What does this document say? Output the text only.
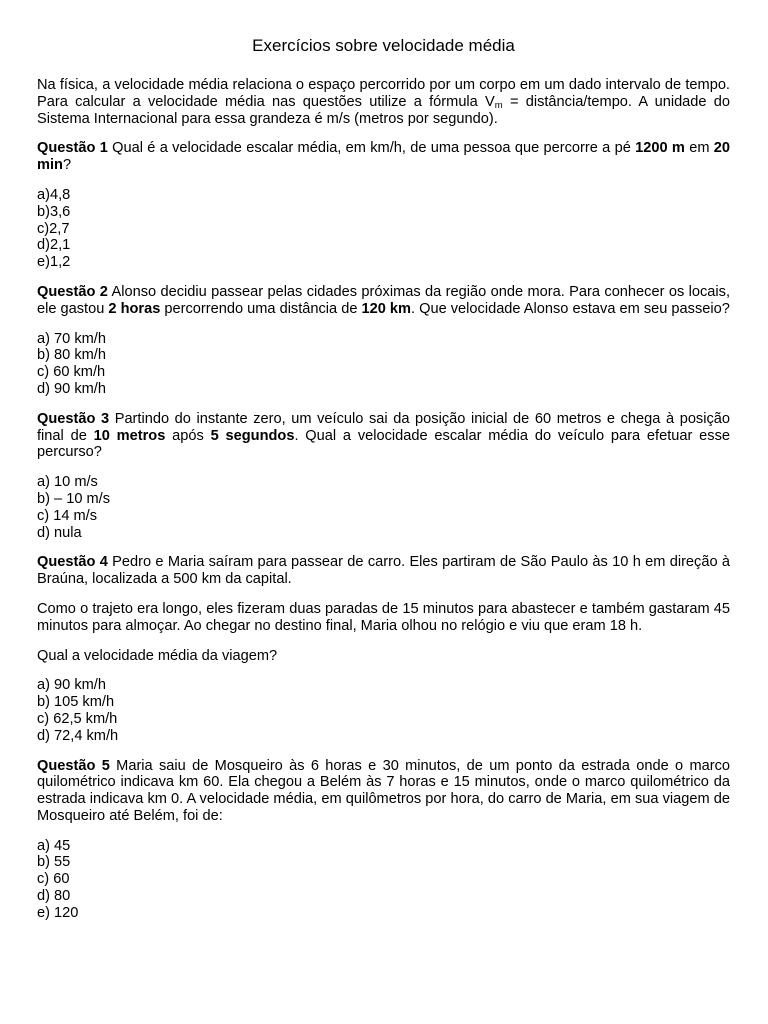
Exercícios sobre velocidade média

Na física, a velocidade média relaciona o espaço percorrido por um corpo em um dado intervalo de tempo. Para calcular a velocidade média nas questões utilize a fórmula $V_m$ = distância/tempo. A unidade do Sistema Internacional para essa grandeza é m/s (metros por segundo).

Questão 1 Qual é a velocidade escalar média, em km/h, de uma pessoa que percorre a pé 1200 m em 20 min?

a)4,8
b)3,6
c)2,7
d)2,1
e)1,2

Questão 2 Alonso decidiu passear pelas cidades próximas da região onde mora. Para conhecer os locais, ele gastou 2 horas percorrendo uma distância de 120 km. Que velocidade Alonso estava em seu passeio?

a) 70 km/h
b) 80 km/h
c) 60 km/h
d) 90 km/h

Questão 3 Partindo do instante zero, um veículo sai da posição inicial de 60 metros e chega à posição final de 10 metros após 5 segundos. Qual a velocidade escalar média do veículo para efetuar esse percurso?

a) 10 m/s
b) – 10 m/s
c) 14 m/s
d) nula

Questão 4 Pedro e Maria saíram para passear de carro. Eles partiram de São Paulo às 10 h em direção à Braúna, localizada a 500 km da capital.

Como o trajeto era longo, eles fizeram duas paradas de 15 minutos para abastecer e também gastaram 45 minutos para almoçar. Ao chegar no destino final, Maria olhou no relógio e viu que eram 18 h.

Qual a velocidade média da viagem?

a) 90 km/h
b) 105 km/h
c) 62,5 km/h
d) 72,4 km/h

Questão 5 Maria saiu de Mosqueiro às 6 horas e 30 minutos, de um ponto da estrada onde o marco quilométrico indicava km 60. Ela chegou a Belém às 7 horas e 15 minutos, onde o marco quilométrico da estrada indicava km 0. A velocidade média, em quilômetros por hora, do carro de Maria, em sua viagem de Mosqueiro até Belém, foi de:

a) 45
b) 55
c) 60
d) 80
e) 120
